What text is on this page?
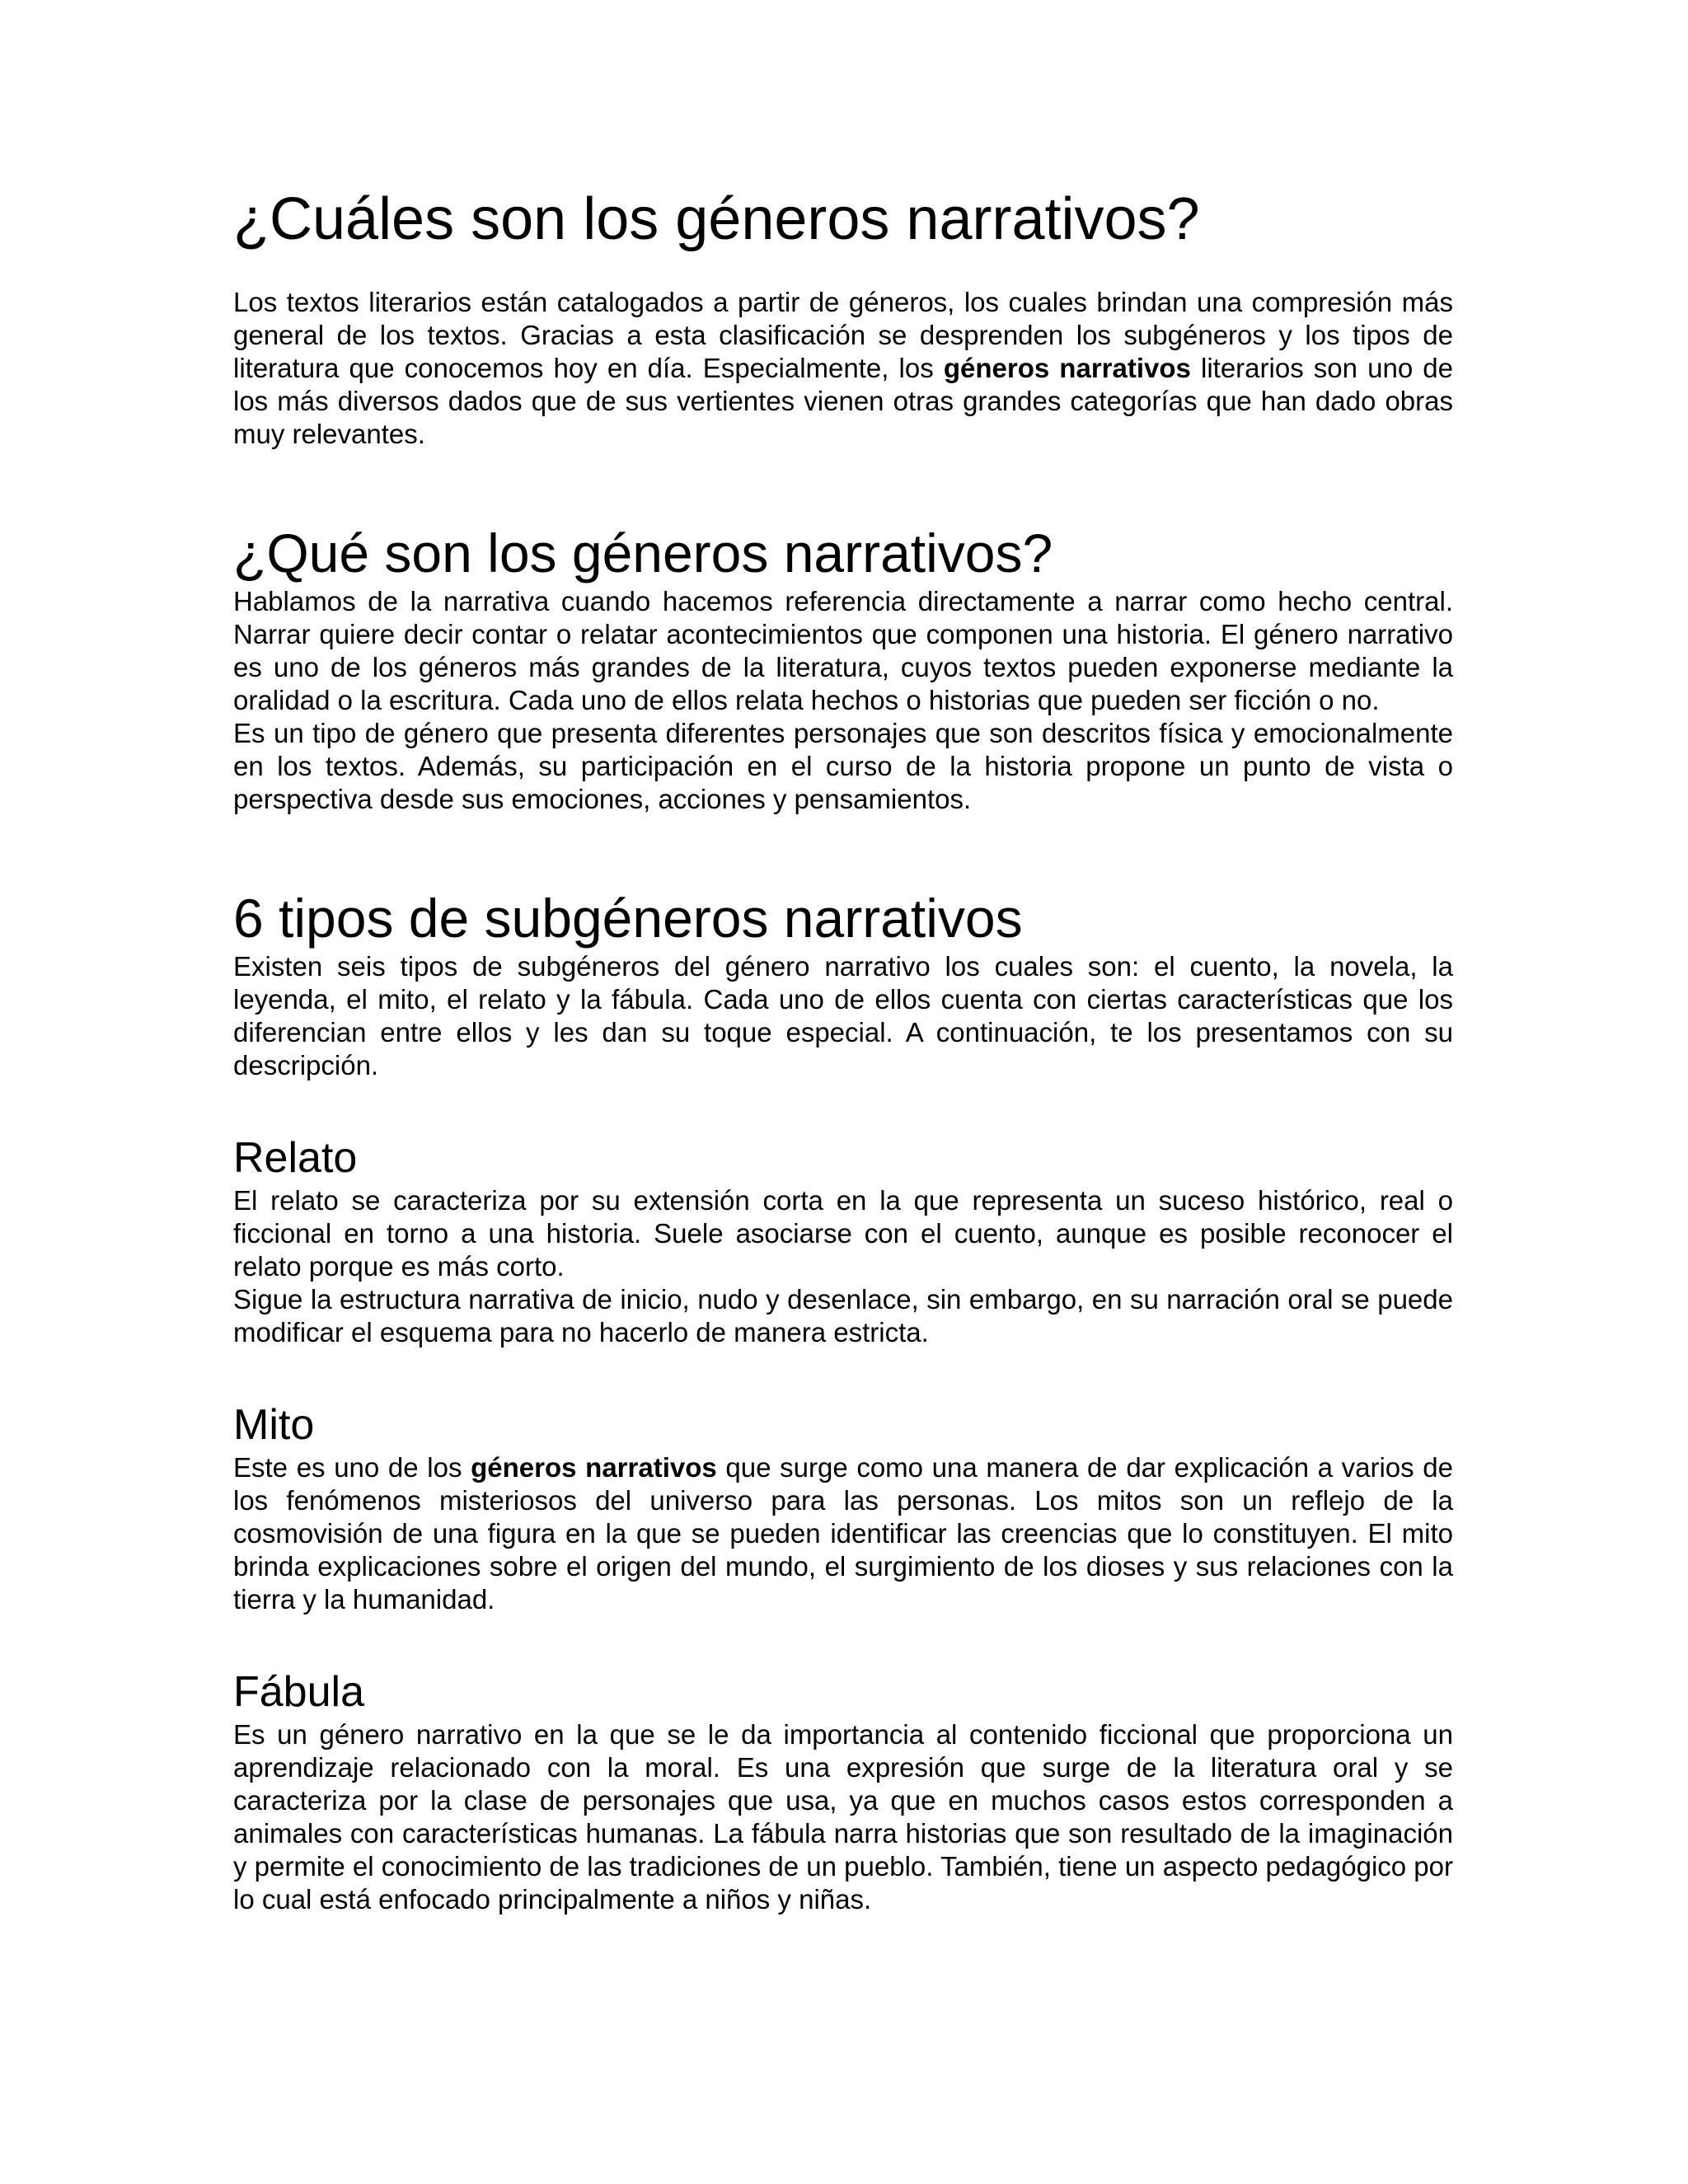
¿Cuáles son los géneros narrativos?

Los textos literarios están catalogados a partir de géneros, los cuales brindan una compresión más general de los textos. Gracias a esta clasificación se desprenden los subgéneros y los tipos de literatura que conocemos hoy en día. Especialmente, los géneros narrativos literarios son uno de los más diversos dados que de sus vertientes vienen otras grandes categorías que han dado obras muy relevantes.

¿Qué son los géneros narrativos?

Hablamos de la narrativa cuando hacemos referencia directamente a narrar como hecho central. Narrar quiere decir contar o relatar acontecimientos que componen una historia. El género narrativo es uno de los géneros más grandes de la literatura, cuyos textos pueden exponerse mediante la oralidad o la escritura. Cada uno de ellos relata hechos o historias que pueden ser ficción o no.

Es un tipo de género que presenta diferentes personajes que son descritos física y emocionalmente en los textos. Además, su participación en el curso de la historia propone un punto de vista o perspectiva desde sus emociones, acciones y pensamientos.

6 tipos de subgéneros narrativos

Existen seis tipos de subgéneros del género narrativo los cuales son: el cuento, la novela, la leyenda, el mito, el relato y la fábula. Cada uno de ellos cuenta con ciertas características que los diferencian entre ellos y les dan su toque especial. A continuación, te los presentamos con su descripción.

Relato

El relato se caracteriza por su extensión corta en la que representa un suceso histórico, real o ficcional en torno a una historia. Suele asociarse con el cuento, aunque es posible reconocer el relato porque es más corto.

Sigue la estructura narrativa de inicio, nudo y desenlace, sin embargo, en su narración oral se puede modificar el esquema para no hacerlo de manera estricta.

Mito

Este es uno de los géneros narrativos que surge como una manera de dar explicación a varios de los fenómenos misteriosos del universo para las personas. Los mitos son un reflejo de la cosmovisión de una figura en la que se pueden identificar las creencias que lo constituyen. El mito brinda explicaciones sobre el origen del mundo, el surgimiento de los dioses y sus relaciones con la tierra y la humanidad.

Fábula

Es un género narrativo en la que se le da importancia al contenido ficcional que proporciona un aprendizaje relacionado con la moral. Es una expresión que surge de la literatura oral y se caracteriza por la clase de personajes que usa, ya que en muchos casos estos corresponden a animales con características humanas. La fábula narra historias que son resultado de la imaginación y permite el conocimiento de las tradiciones de un pueblo. También, tiene un aspecto pedagógico por lo cual está enfocado principalmente a niños y niñas.
